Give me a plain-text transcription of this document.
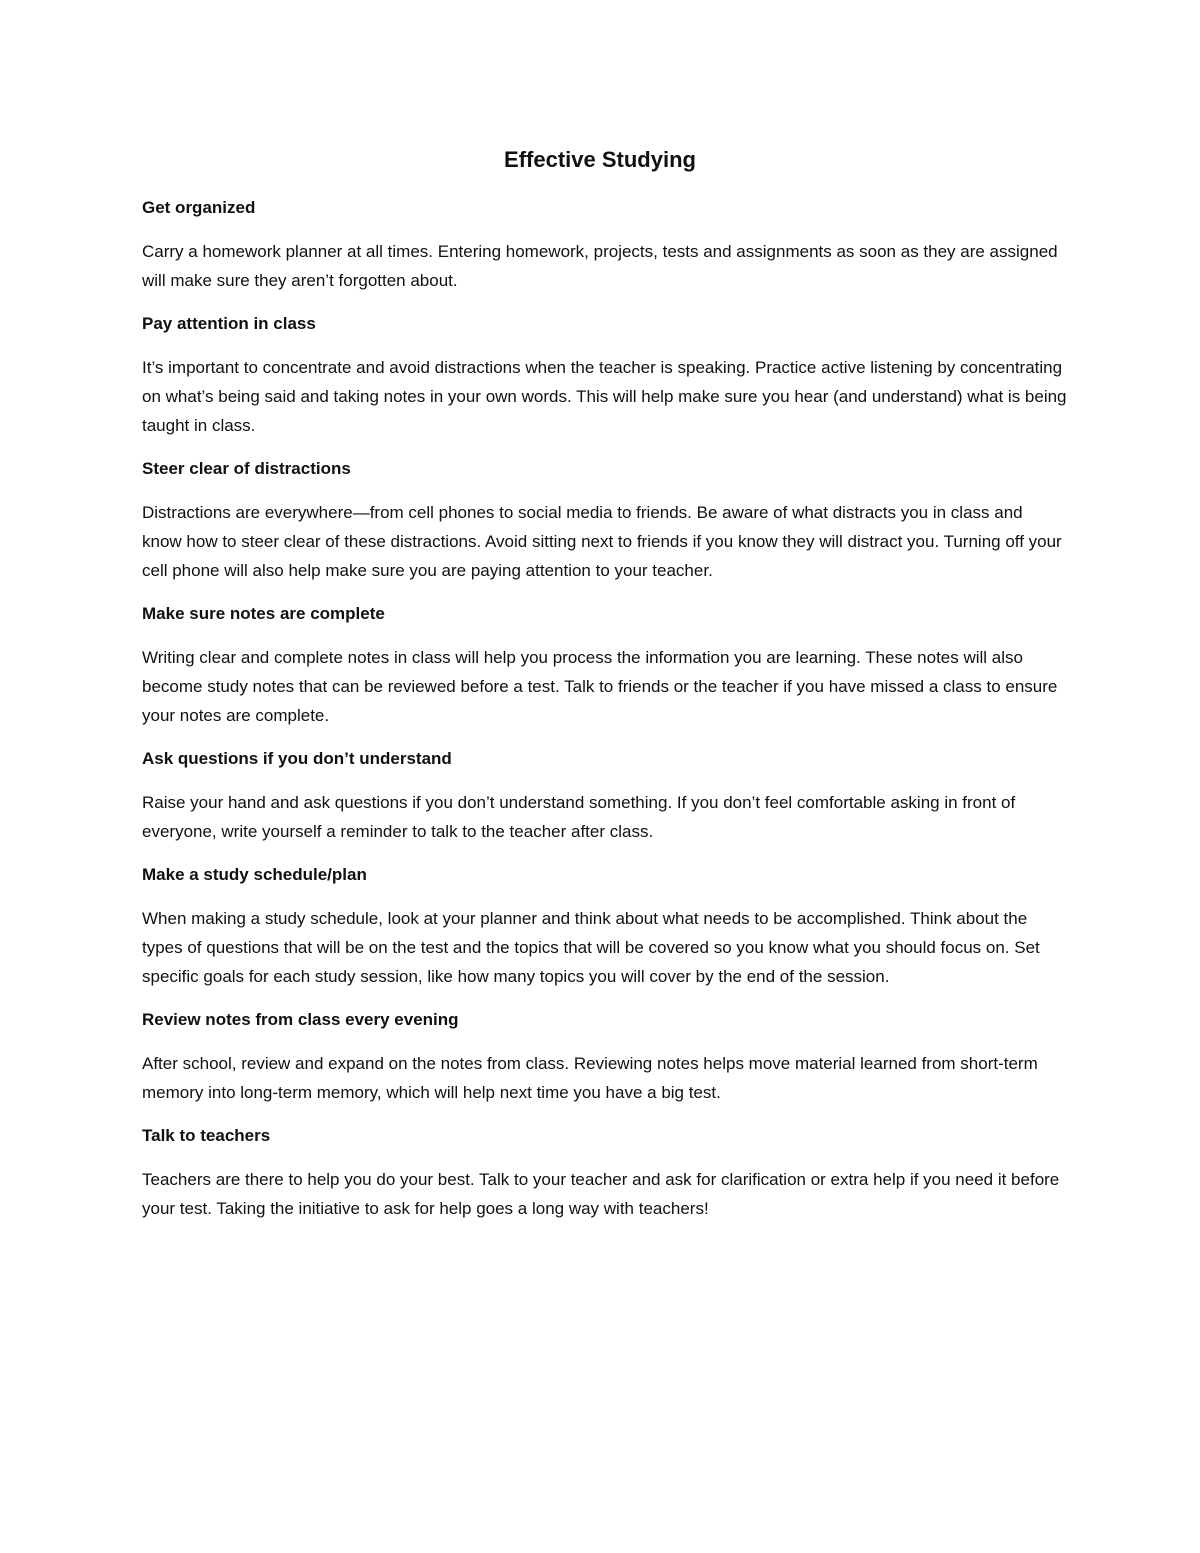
Effective Studying

Get organized

Carry a homework planner at all times. Entering homework, projects, tests and assignments as soon as they are assigned will make sure they aren’t forgotten about.

Pay attention in class

It’s important to concentrate and avoid distractions when the teacher is speaking. Practice active listening by concentrating on what’s being said and taking notes in your own words. This will help make sure you hear (and understand) what is being taught in class.

Steer clear of distractions

Distractions are everywhere—from cell phones to social media to friends. Be aware of what distracts you in class and know how to steer clear of these distractions. Avoid sitting next to friends if you know they will distract you. Turning off your cell phone will also help make sure you are paying attention to your teacher.

Make sure notes are complete

Writing clear and complete notes in class will help you process the information you are learning. These notes will also become study notes that can be reviewed before a test. Talk to friends or the teacher if you have missed a class to ensure your notes are complete.

Ask questions if you don’t understand

Raise your hand and ask questions if you don’t understand something. If you don’t feel comfortable asking in front of everyone, write yourself a reminder to talk to the teacher after class.

Make a study schedule/plan

When making a study schedule, look at your planner and think about what needs to be accomplished. Think about the types of questions that will be on the test and the topics that will be covered so you know what you should focus on. Set specific goals for each study session, like how many topics you will cover by the end of the session.

Review notes from class every evening

After school, review and expand on the notes from class. Reviewing notes helps move material learned from short-term memory into long-term memory, which will help next time you have a big test.

Talk to teachers

Teachers are there to help you do your best. Talk to your teacher and ask for clarification or extra help if you need it before your test. Taking the initiative to ask for help goes a long way with teachers!
